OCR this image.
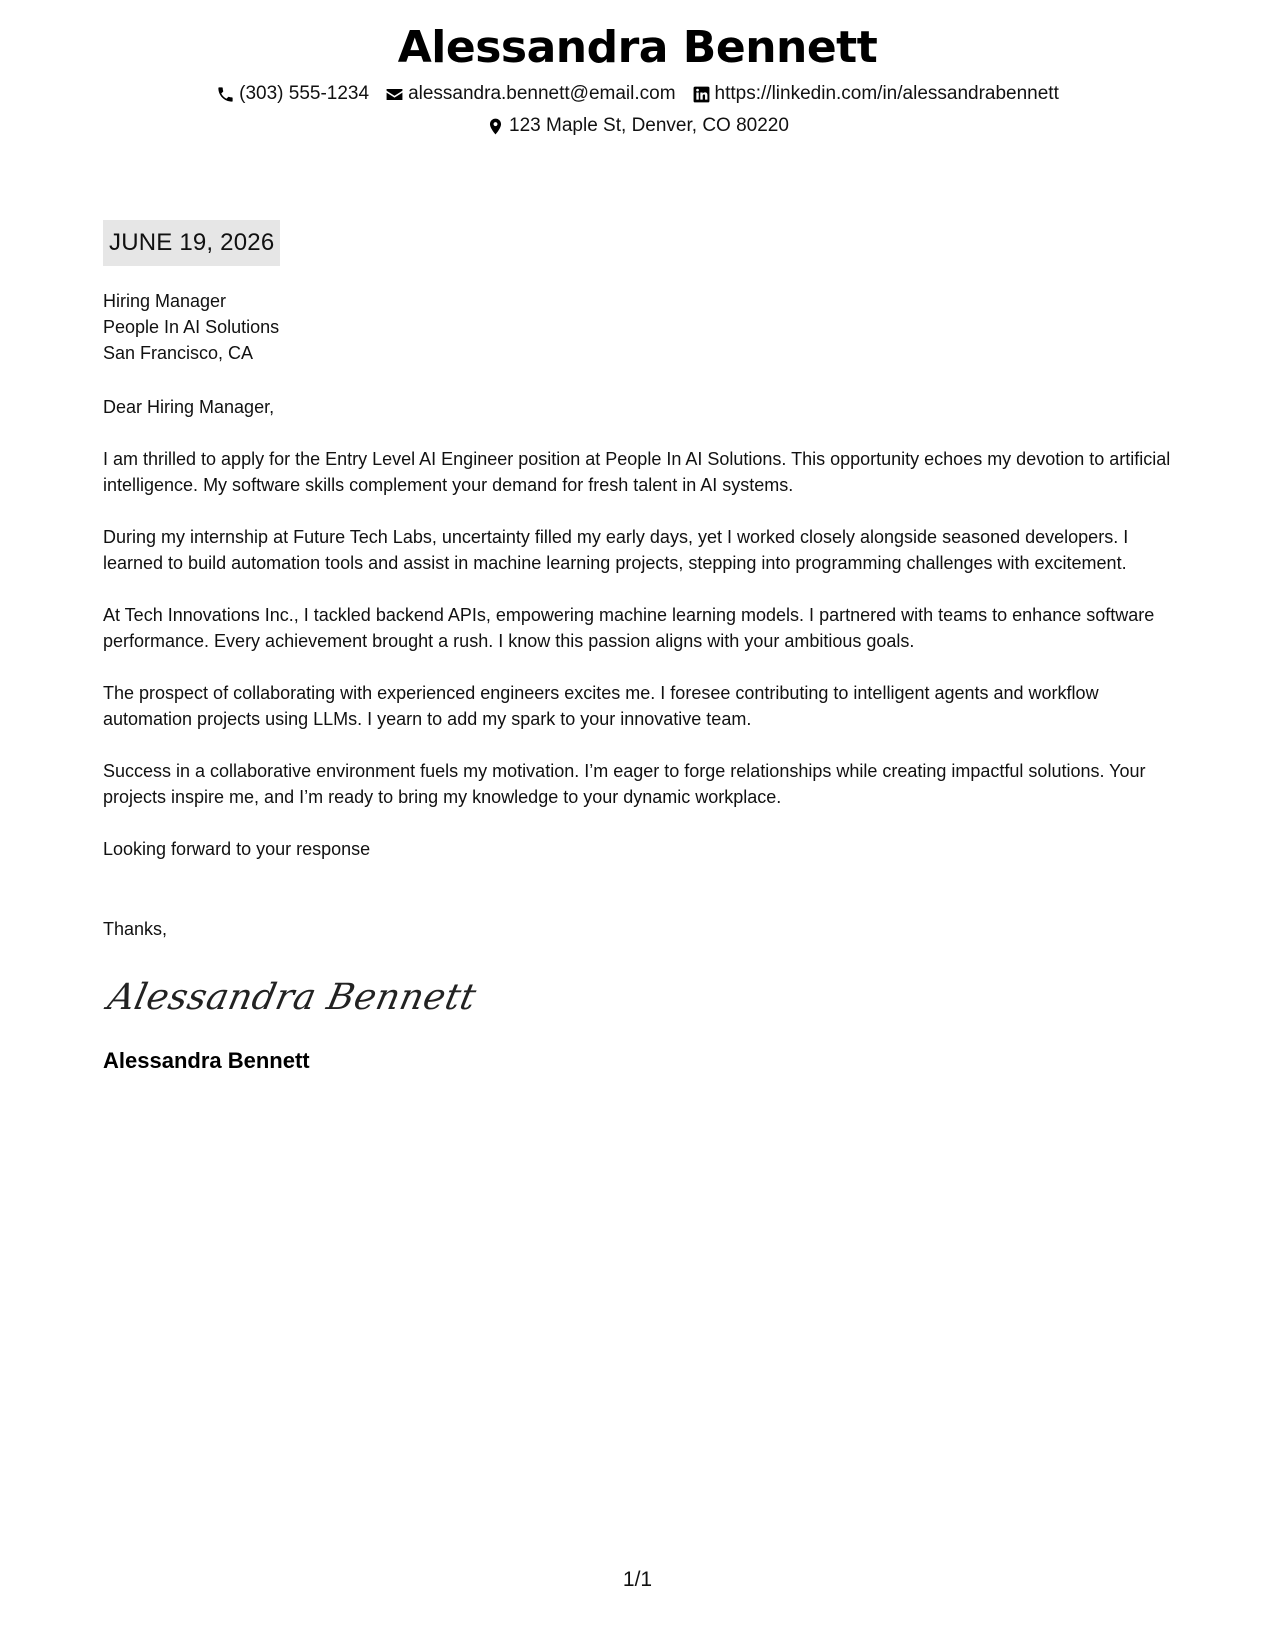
Alessandra Bennett
(303) 555-1234 alessandra.bennett@email.com https://linkedin.com/in/alessandrabennett
123 Maple St, Denver, CO 80220
JUNE 19, 2026
Hiring Manager
People In AI Solutions
San Francisco, CA
Dear Hiring Manager,
I am thrilled to apply for the Entry Level AI Engineer position at People In AI Solutions. This opportunity echoes my devotion to artificial intelligence. My software skills complement your demand for fresh talent in AI systems.
During my internship at Future Tech Labs, uncertainty filled my early days, yet I worked closely alongside seasoned developers. I learned to build automation tools and assist in machine learning projects, stepping into programming challenges with excitement.
At Tech Innovations Inc., I tackled backend APIs, empowering machine learning models. I partnered with teams to enhance software performance. Every achievement brought a rush. I know this passion aligns with your ambitious goals.
The prospect of collaborating with experienced engineers excites me. I foresee contributing to intelligent agents and workflow automation projects using LLMs. I yearn to add my spark to your innovative team.
Success in a collaborative environment fuels my motivation. I’m eager to forge relationships while creating impactful solutions. Your projects inspire me, and I’m ready to bring my knowledge to your dynamic workplace.
Looking forward to your response
Thanks,
Alessandra Bennett
Alessandra Bennett
1/1
